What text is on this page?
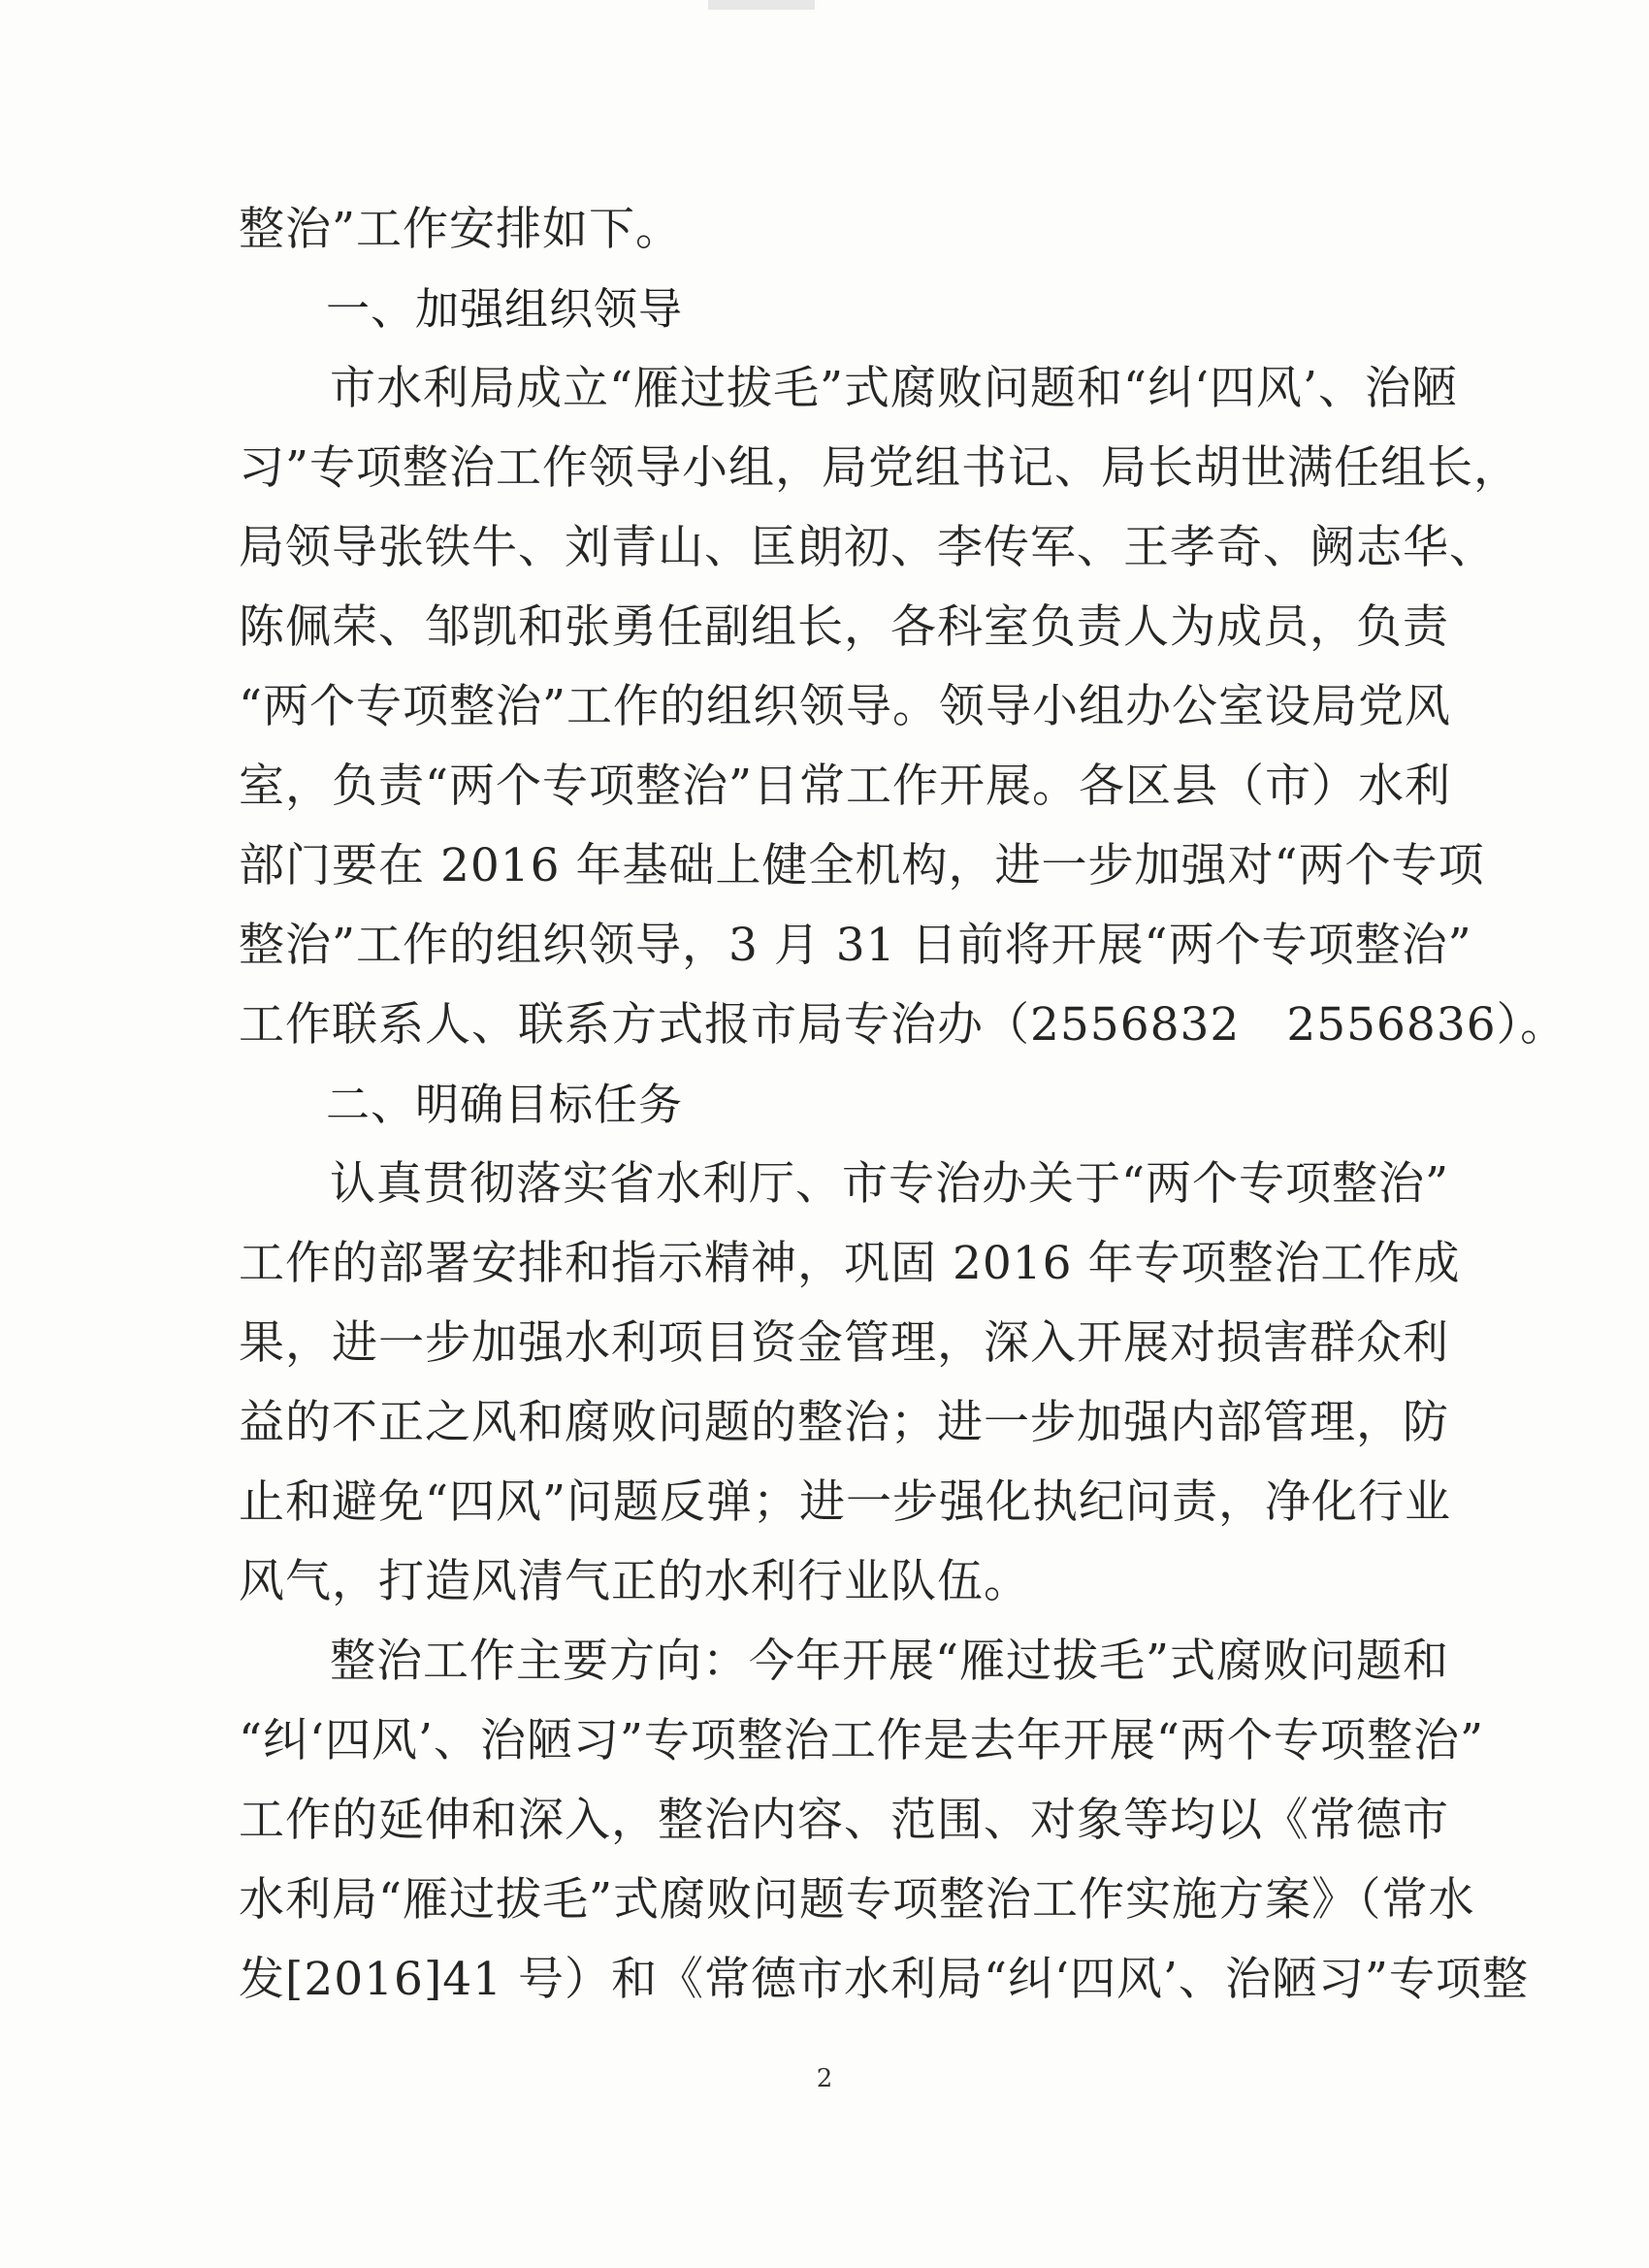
整治”工作安排如下。
一、加强组织领导
市水利局成立“雁过拔毛”式腐败问题和“纠‘四风’、治陋
习”专项整治工作领导小组，局党组书记、局长胡世满任组长，
局领导张铁牛、刘青山、匡朗初、李传军、王孝奇、阙志华、
陈佩荣、邹凯和张勇任副组长，各科室负责人为成员，负责
“两个专项整治”工作的组织领导。领导小组办公室设局党风
室，负责“两个专项整治”日常工作开展。各区县（市）水利
部门要在 2016 年基础上健全机构，进一步加强对“两个专项
整治”工作的组织领导，3 月 31 日前将开展“两个专项整治”
工作联系人、联系方式报市局专治办（2556832　2556836）。
二、明确目标任务
认真贯彻落实省水利厅、市专治办关于“两个专项整治”
工作的部署安排和指示精神，巩固 2016 年专项整治工作成
果，进一步加强水利项目资金管理，深入开展对损害群众利
益的不正之风和腐败问题的整治；进一步加强内部管理，防
止和避免“四风”问题反弹；进一步强化执纪问责，净化行业
风气，打造风清气正的水利行业队伍。
整治工作主要方向：今年开展“雁过拔毛”式腐败问题和
“纠‘四风’、治陋习”专项整治工作是去年开展“两个专项整治”
工作的延伸和深入，整治内容、范围、对象等均以《常德市
水利局“雁过拔毛”式腐败问题专项整治工作实施方案》（常水
发[2016]41 号）和《常德市水利局“纠‘四风’、治陋习”专项整
2
